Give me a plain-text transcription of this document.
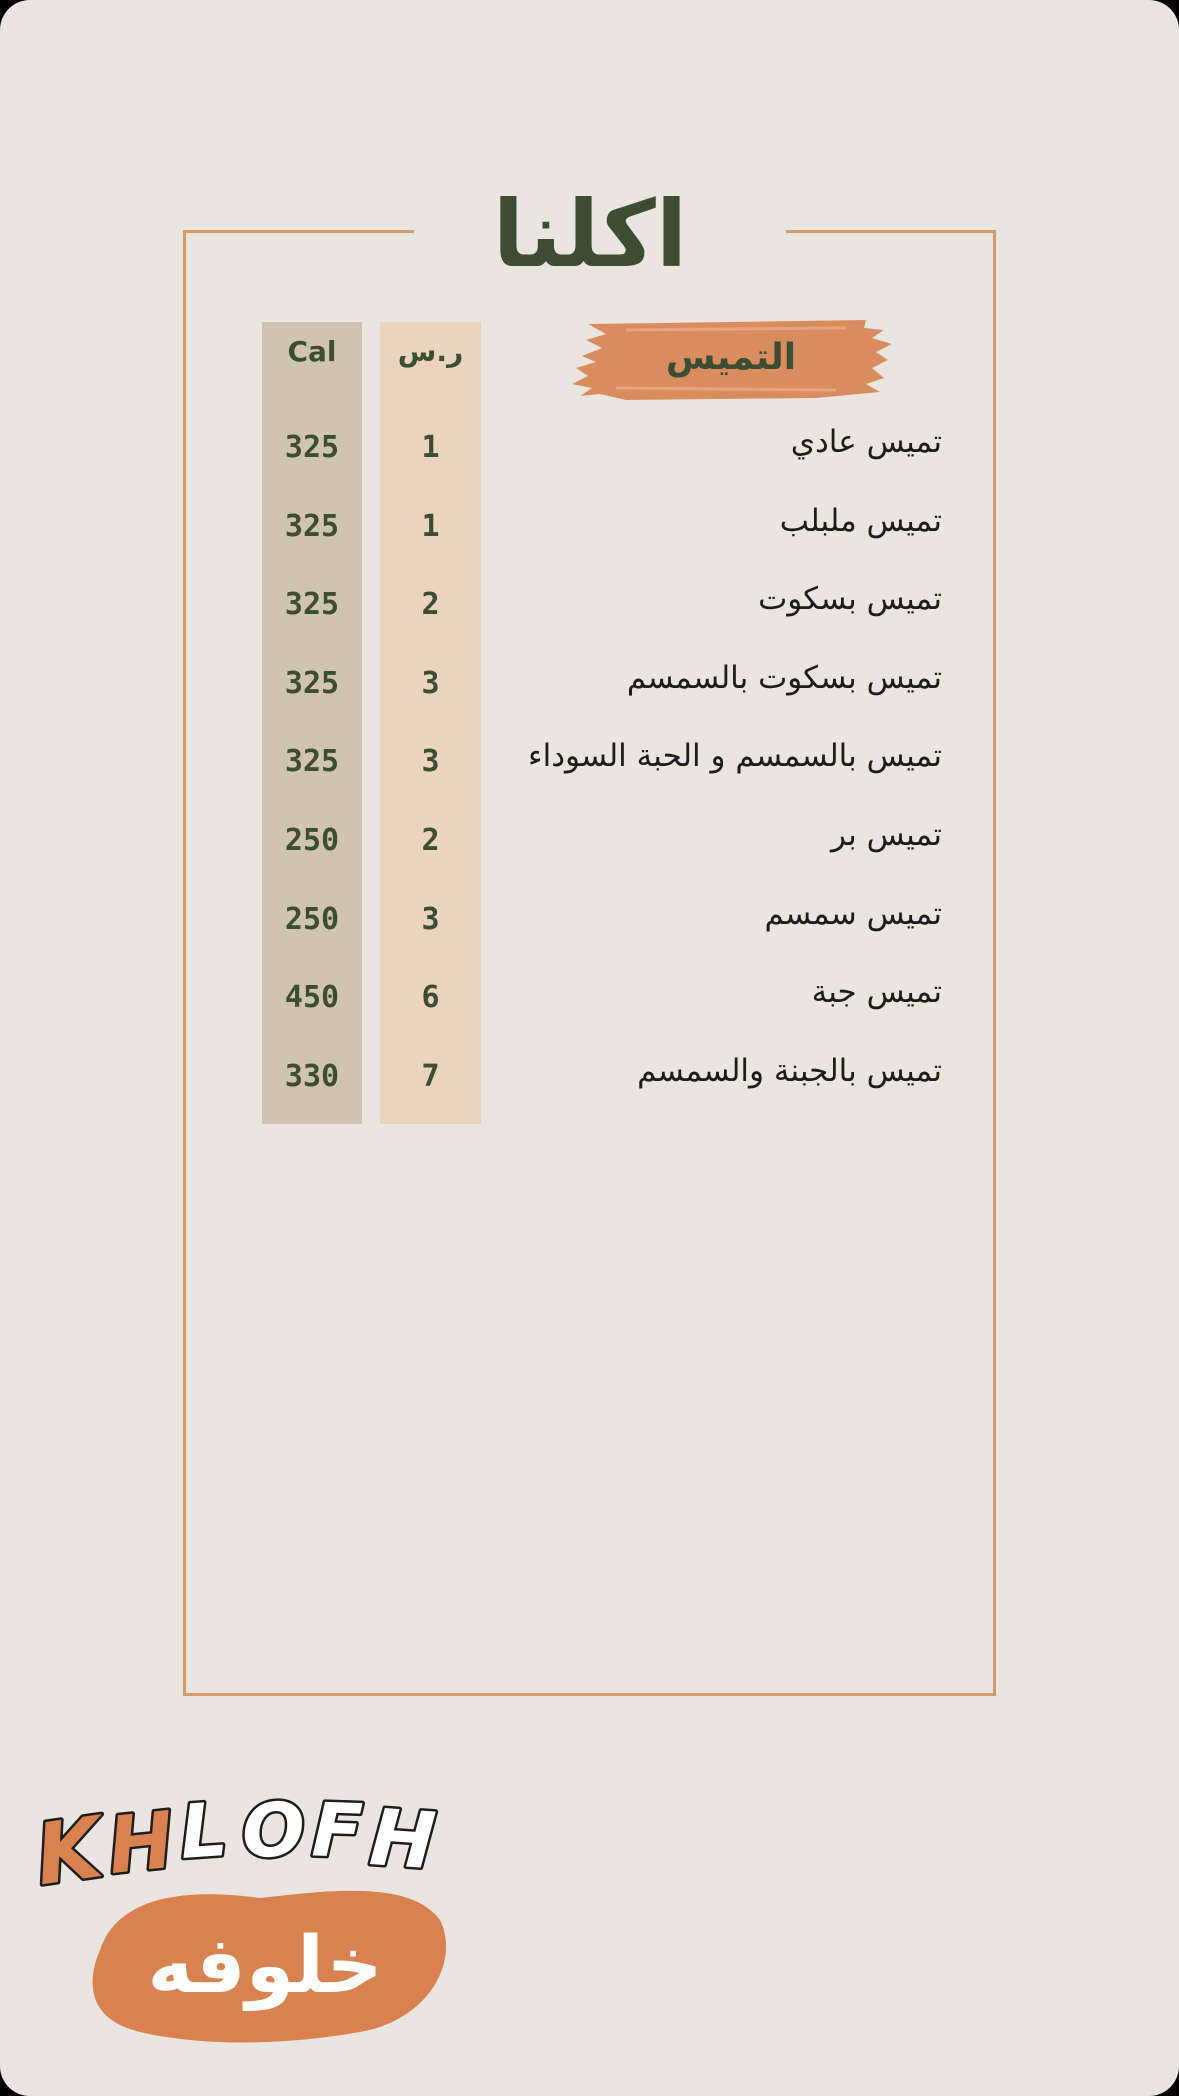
اكلنا
Cal	ر.س	التميس
تميس عادي
1
325
تميس ملبلب
1
325
تميس بسكوت
2
325
تميس بسكوت بالسمسم
3
325
تميس بالسمسم و الحبة السوداء
3
325
تميس بر
2
250
تميس سمسم
3
250
تميس جبة
6
450
تميس بالجبنة والسمسم
7
330
K
H
L O F H
خلوفه
